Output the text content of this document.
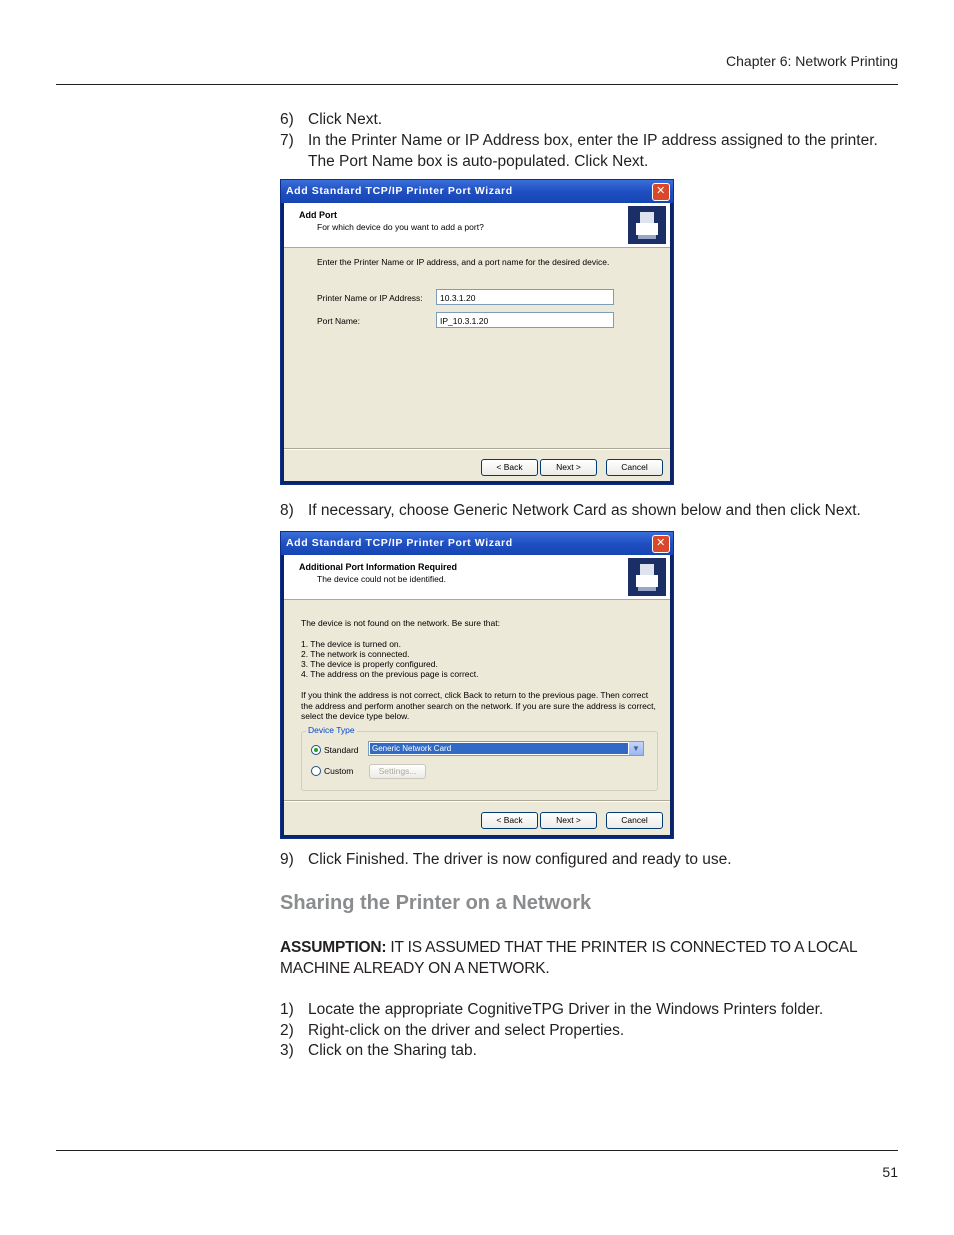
Chapter 6: Network Printing
6) Click Next.
7) In the Printer Name or IP Address box, enter the IP address assigned to the printer. The Port Name box is auto-populated. Click Next.
Add Standard TCP/IP Printer Port Wizard	✕
Add Port
For which device do you want to add a port?
Enter the Printer Name or IP address, and a port name for the desired device.
Printer Name or IP Address:	10.3.1.20
Port Name:	IP_10.3.1.20
< Back	Next >	Cancel
8) If necessary, choose Generic Network Card as shown below and then click Next.
Add Standard TCP/IP Printer Port Wizard	✕
Additional Port Information Required
The device could not be identified.
The device is not found on the network. Be sure that:
1. The device is turned on.
2. The network is connected.
3. The device is properly configured.
4. The address on the previous page is correct.
If you think the address is not correct, click Back to return to the previous page. Then correct
the address and perform another search on the network. If you are sure the address is correct,
select the device type below.
Device Type
Standard Generic Network Card	▼
Custom	Settings...
< Back	Next >	Cancel
9) Click Finished. The driver is now configured and ready to use.
Sharing the Printer on a Network
ASSUMPTION: IT IS ASSUMED THAT THE PRINTER IS CONNECTED TO A LOCAL MACHINE ALREADY ON A NETWORK.
1) Locate the appropriate CognitiveTPG Driver in the Windows Printers folder.
2) Right-click on the driver and select Properties.
3) Click on the Sharing tab.
51
